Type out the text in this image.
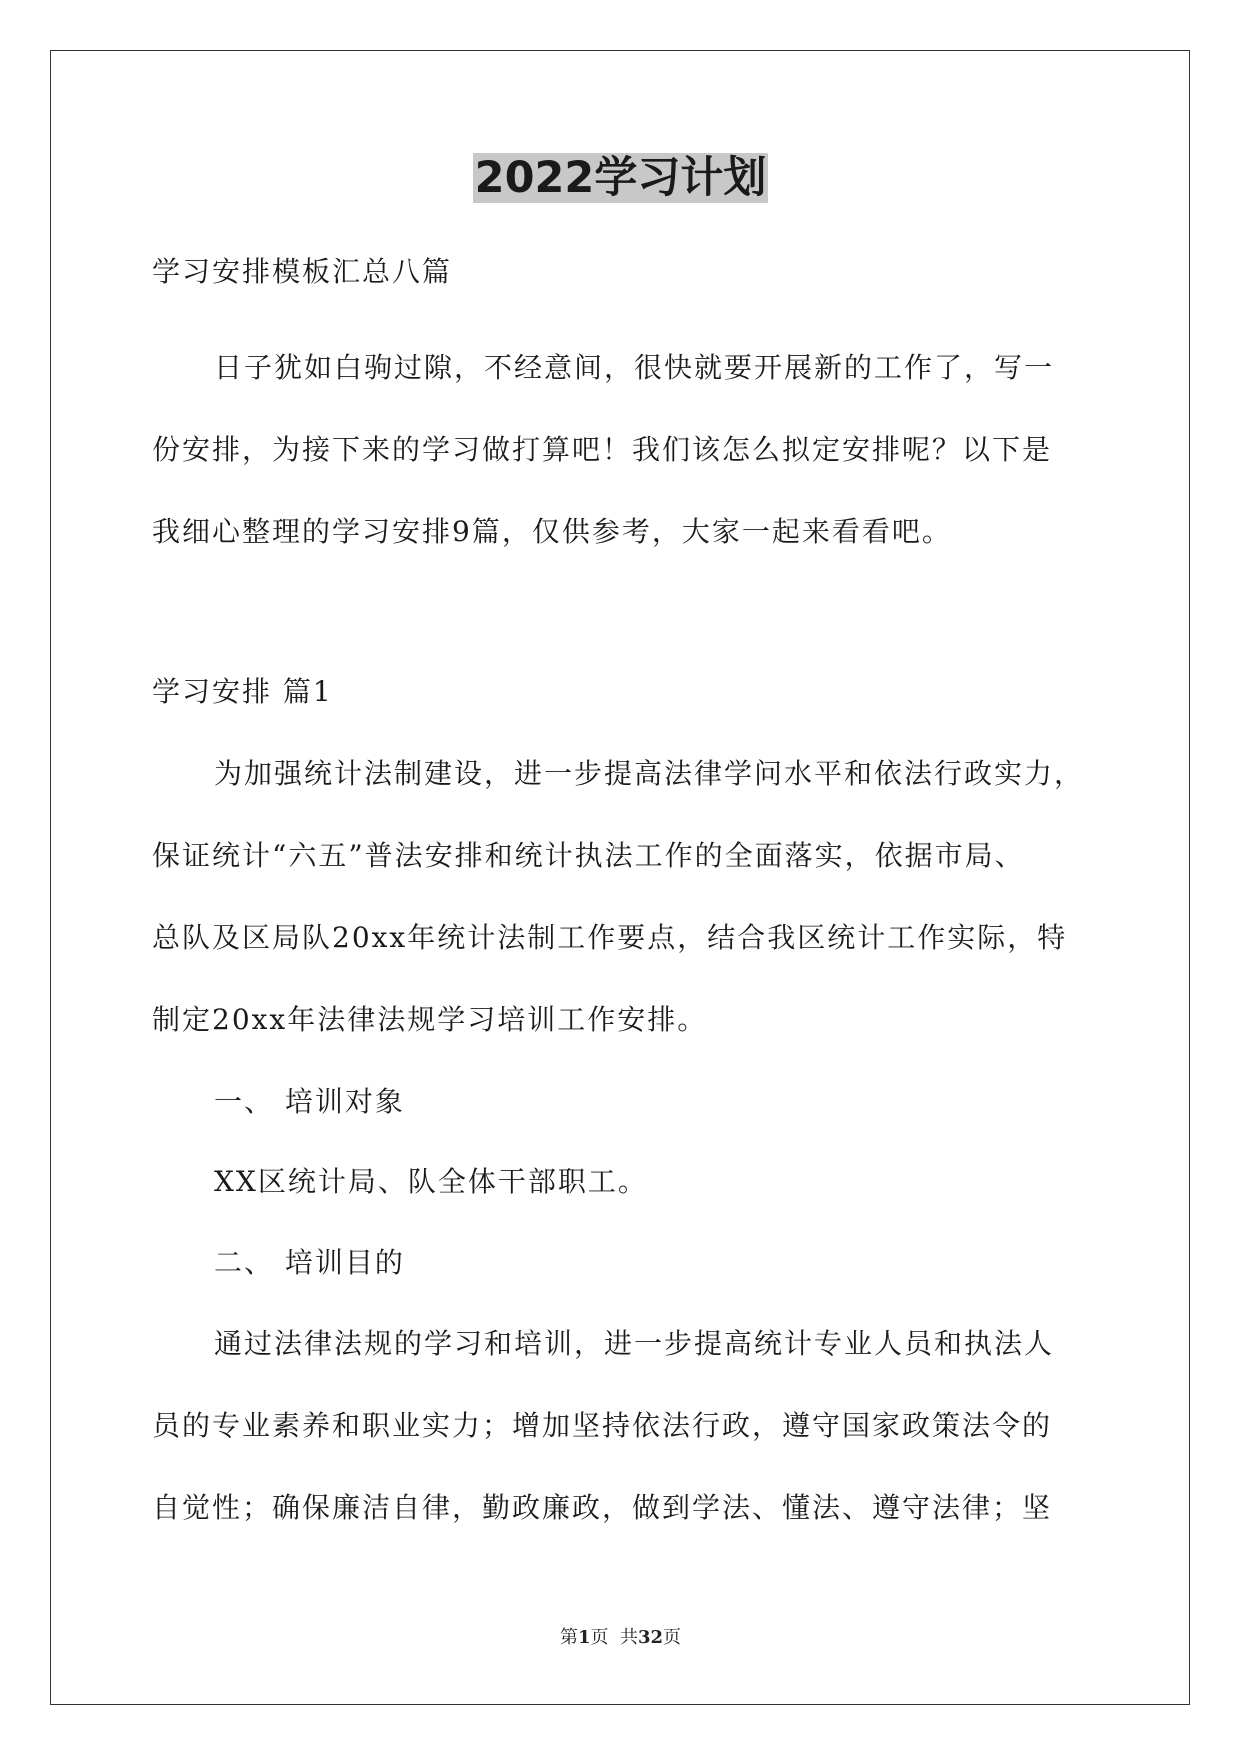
2022学习计划
学习安排模板汇总八篇
日子犹如白驹过隙，不经意间，很快就要开展新的工作了，写一
份安排，为接下来的学习做打算吧！我们该怎么拟定安排呢？以下是
我细心整理的学习安排9篇，仅供参考，大家一起来看看吧。
学习安排 篇1
为加强统计法制建设，进一步提高法律学问水平和依法行政实力，
保证统计“六五”普法安排和统计执法工作的全面落实，依据市局、
总队及区局队20xx年统计法制工作要点，结合我区统计工作实际，特
制定20xx年法律法规学习培训工作安排。
一、 培训对象
XX区统计局、队全体干部职工。
二、 培训目的
通过法律法规的学习和培训，进一步提高统计专业人员和执法人
员的专业素养和职业实力；增加坚持依法行政，遵守国家政策法令的
自觉性；确保廉洁自律，勤政廉政，做到学法、懂法、遵守法律；坚
第1页  共32页
